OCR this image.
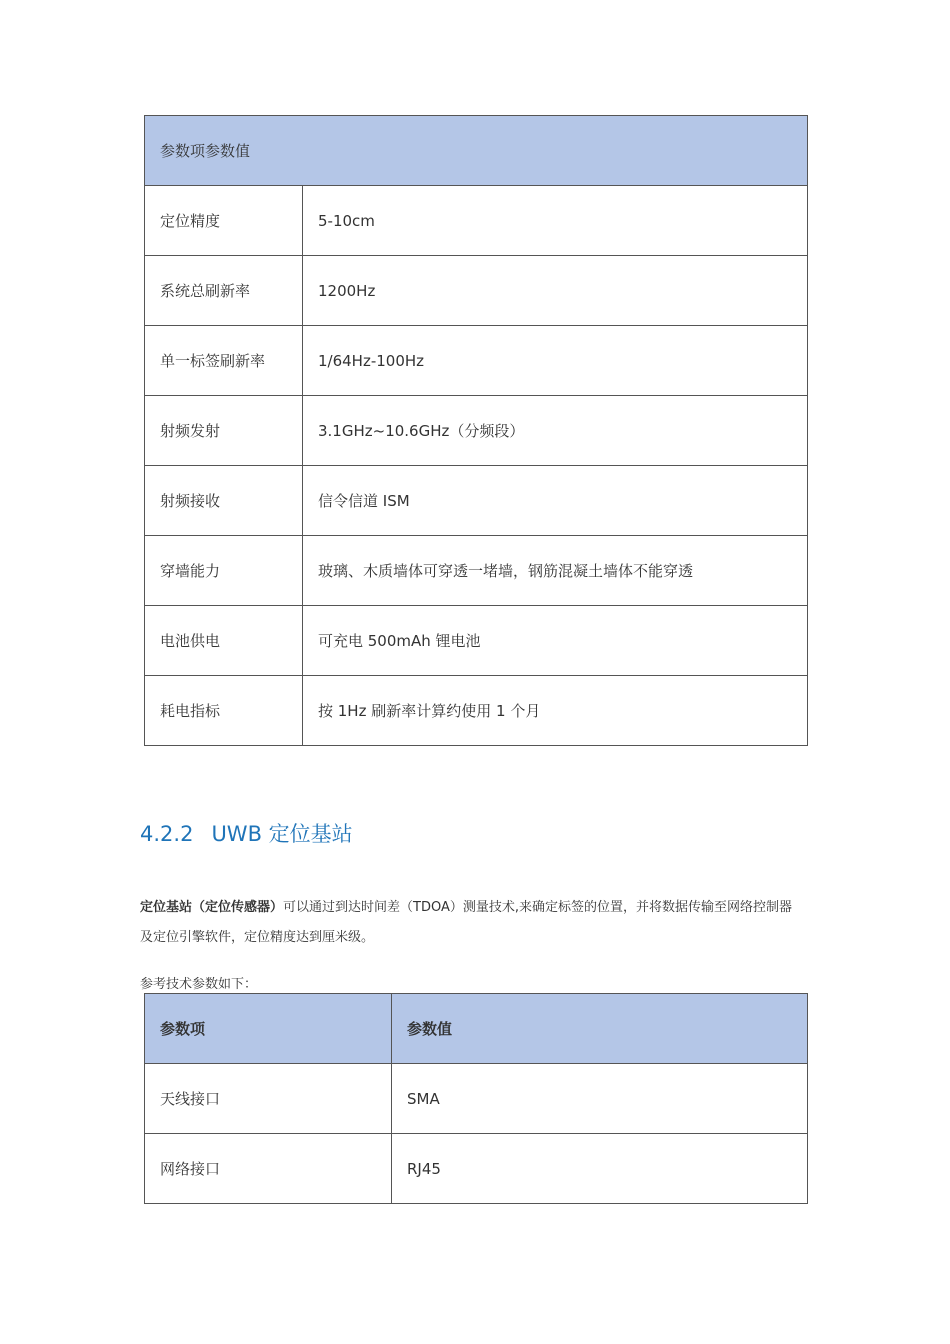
参数项参数值	
定位精度	5-10cm
系统总刷新率	1200Hz
单一标签刷新率	1/64Hz-100Hz
射频发射	3.1GHz~10.6GHz（分频段）
射频接收	信令信道 ISM
穿墙能力	玻璃、木质墙体可穿透一堵墙，钢筋混凝土墙体不能穿透
电池供电	可充电 500mAh 锂电池
耗电指标	按 1Hz 刷新率计算约使用 1 个月
4.2.2 UWB 定位基站
定位基站（定位传感器）可以通过到达时间差（TDOA）测量技术,来确定标签的位置，并将数据传输至网络控制器及定位引擎软件，定位精度达到厘米级。
参考技术参数如下：
参数项	参数值
天线接口	SMA
网络接口	RJ45
